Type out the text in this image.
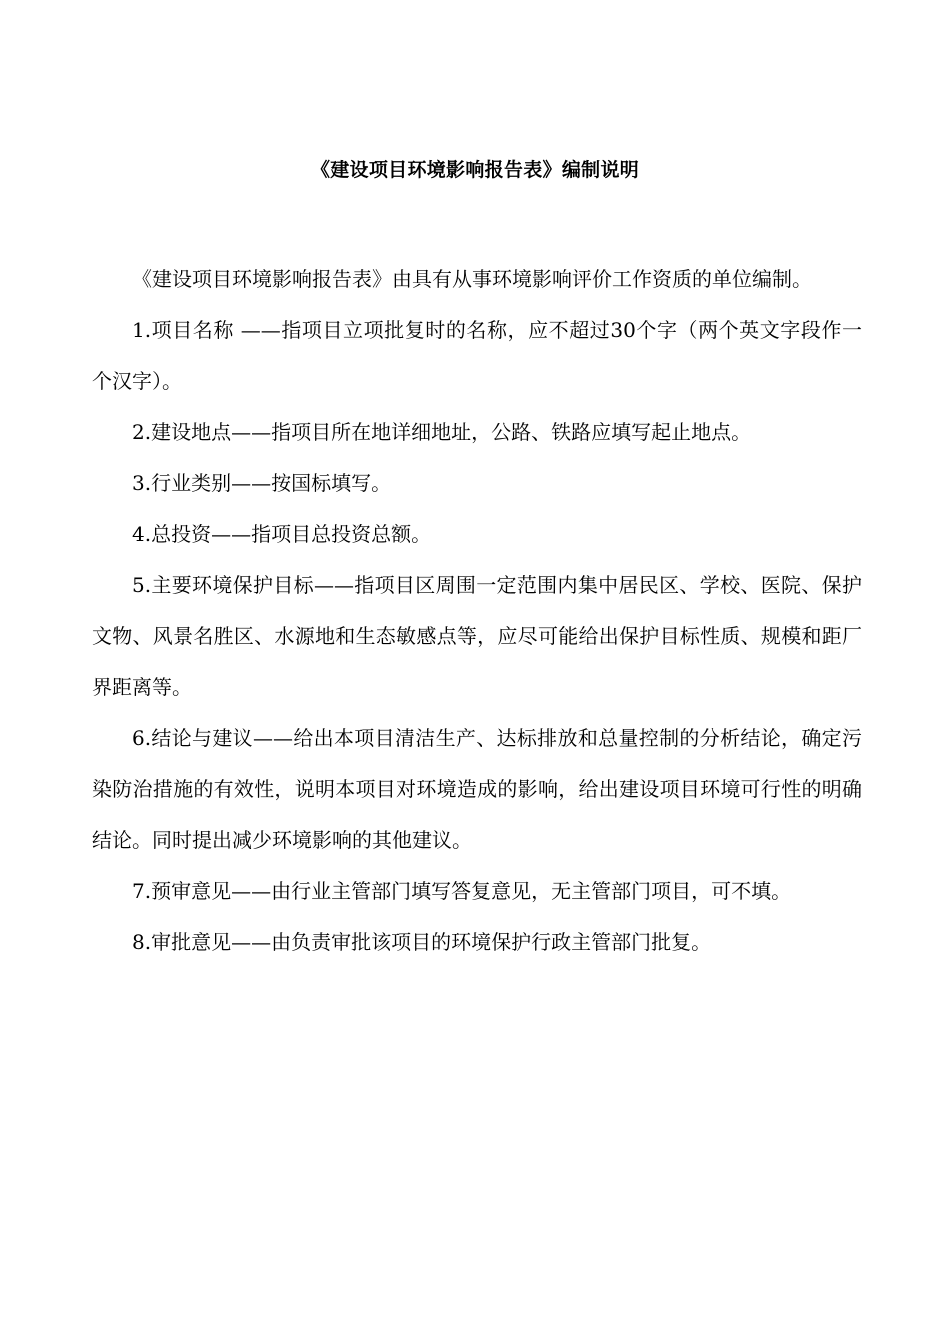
《建设项目环境影响报告表》编制说明

《建设项目环境影响报告表》由具有从事环境影响评价工作资质的单位编制。

1.项目名称 ——指项目立项批复时的名称，应不超过30个字（两个英文字段作一个汉字）。

2.建设地点——指项目所在地详细地址，公路、铁路应填写起止地点。

3.行业类别——按国标填写。

4.总投资——指项目总投资总额。

5.主要环境保护目标——指项目区周围一定范围内集中居民区、学校、医院、保护文物、风景名胜区、水源地和生态敏感点等，应尽可能给出保护目标性质、规模和距厂界距离等。

6.结论与建议——给出本项目清洁生产、达标排放和总量控制的分析结论，确定污染防治措施的有效性，说明本项目对环境造成的影响，给出建设项目环境可行性的明确结论。同时提出减少环境影响的其他建议。

7.预审意见——由行业主管部门填写答复意见，无主管部门项目，可不填。

8.审批意见——由负责审批该项目的环境保护行政主管部门批复。
